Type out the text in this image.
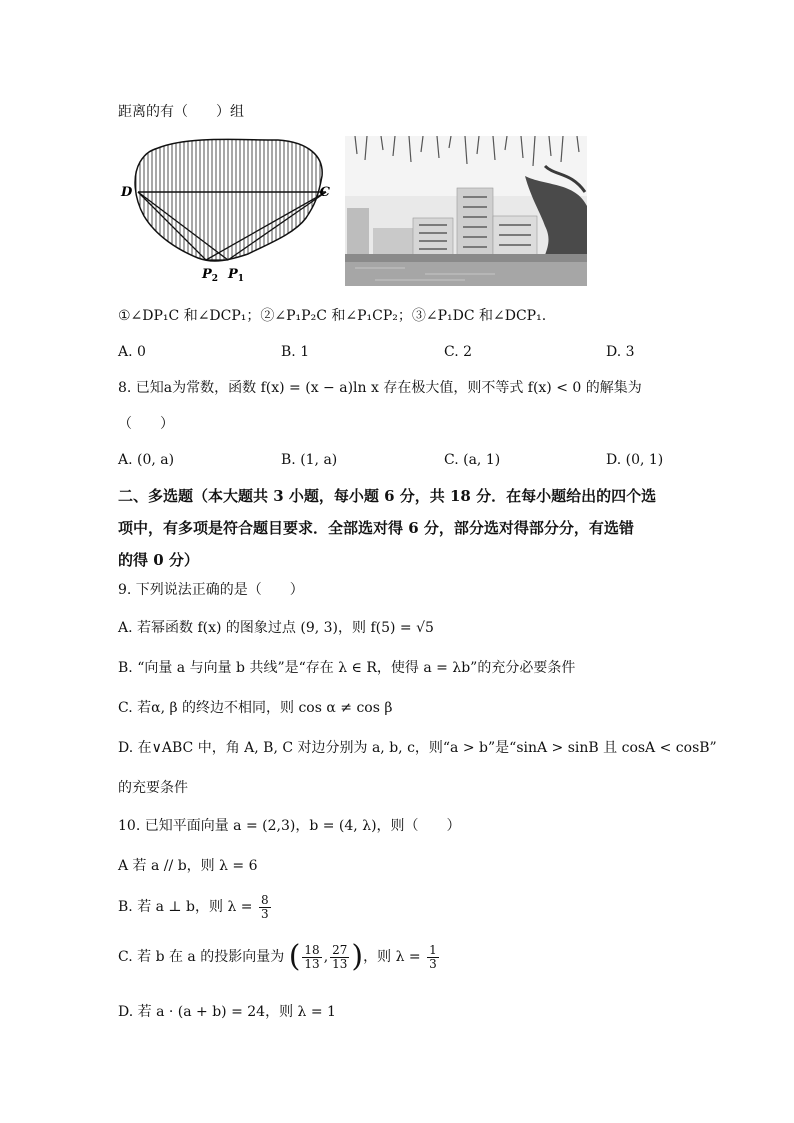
距离的有（　　）组
D	C
$P_2$ $P_1$
①∠DP₁C 和∠DCP₁；②∠P₁P₂C 和∠P₁CP₂；③∠P₁DC 和∠DCP₁.
A. 0	B. 1	C. 2	D. 3
8. 已知a为常数，函数 f(x) = (x − a)ln x 存在极大值，则不等式 f(x) < 0 的解集为
（　　）
A. (0, a)	B. (1, a)	C. (a, 1)	D. (0, 1)
二、多选题（本大题共 3 小题，每小题 6 分，共 18 分．在每小题给出的四个选
项中，有多项是符合题目要求．全部选对得 6 分，部分选对得部分分，有选错
的得 0 分）
9. 下列说法正确的是（　　）
A. 若幂函数 f(x) 的图象过点 (9, 3)，则 f(5) = √5
B. “向量 a 与向量 b 共线”是“存在 λ ∈ R，使得 a = λb”的充分必要条件
C. 若α, β 的终边不相同，则 cos α ≠ cos β
D. 在∨ABC 中，角 A, B, C 对边分别为 a, b, c，则“a > b”是“sinA > sinB 且 cosA < cosB”
的充要条件
10. 已知平面向量 a = (2,3)，b = (4, λ)，则（　　）
A 若 a // b，则 λ = 6
B. 若 a ⊥ b，则 $\lambda = \frac{8}{3}$
C. 若 b 在 a 的投影向量为 ( $\frac{18}{13}$ , $\frac{27}{13}$ )，则 $\lambda = \frac{1}{3}$
D. 若 a · (a + b) = 24，则 λ = 1
